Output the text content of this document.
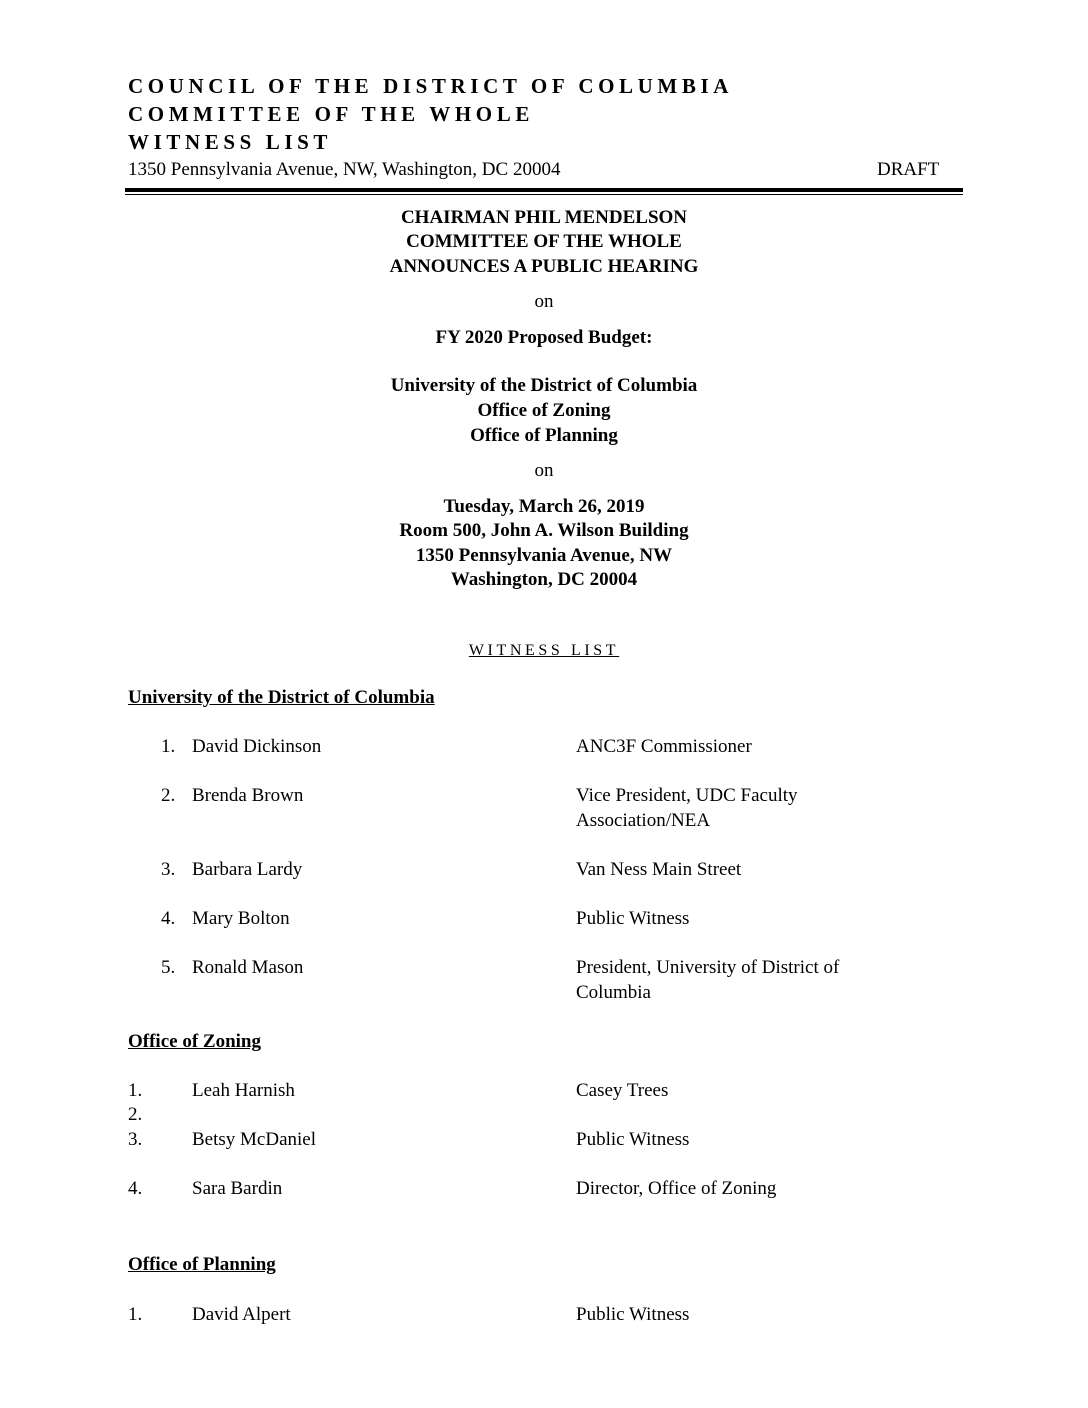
COUNCIL OF THE DISTRICT OF COLUMBIA
COMMITTEE OF THE WHOLE
WITNESS LIST
1350 Pennsylvania Avenue, NW, Washington, DC 20004	DRAFT
CHAIRMAN PHIL MENDELSON
COMMITTEE OF THE WHOLE
ANNOUNCES A PUBLIC HEARING
on
FY 2020 Proposed Budget:
University of the District of Columbia
Office of Zoning
Office of Planning
on
Tuesday, March 26, 2019
Room 500, John A. Wilson Building
1350 Pennsylvania Avenue, NW
Washington, DC 20004
WITNESS LIST
University of the District of Columbia
1. David Dickinson	ANC3F Commissioner
2. Brenda Brown	Vice President, UDC Faculty Association/NEA
3. Barbara Lardy	Van Ness Main Street
4. Mary Bolton	Public Witness
5. Ronald Mason	President, University of District of Columbia
Office of Zoning
1.	Leah Harnish	Casey Trees
2.
3.	Betsy McDaniel	Public Witness
4.	Sara Bardin	Director, Office of Zoning
Office of Planning
1.	David Alpert	Public Witness
